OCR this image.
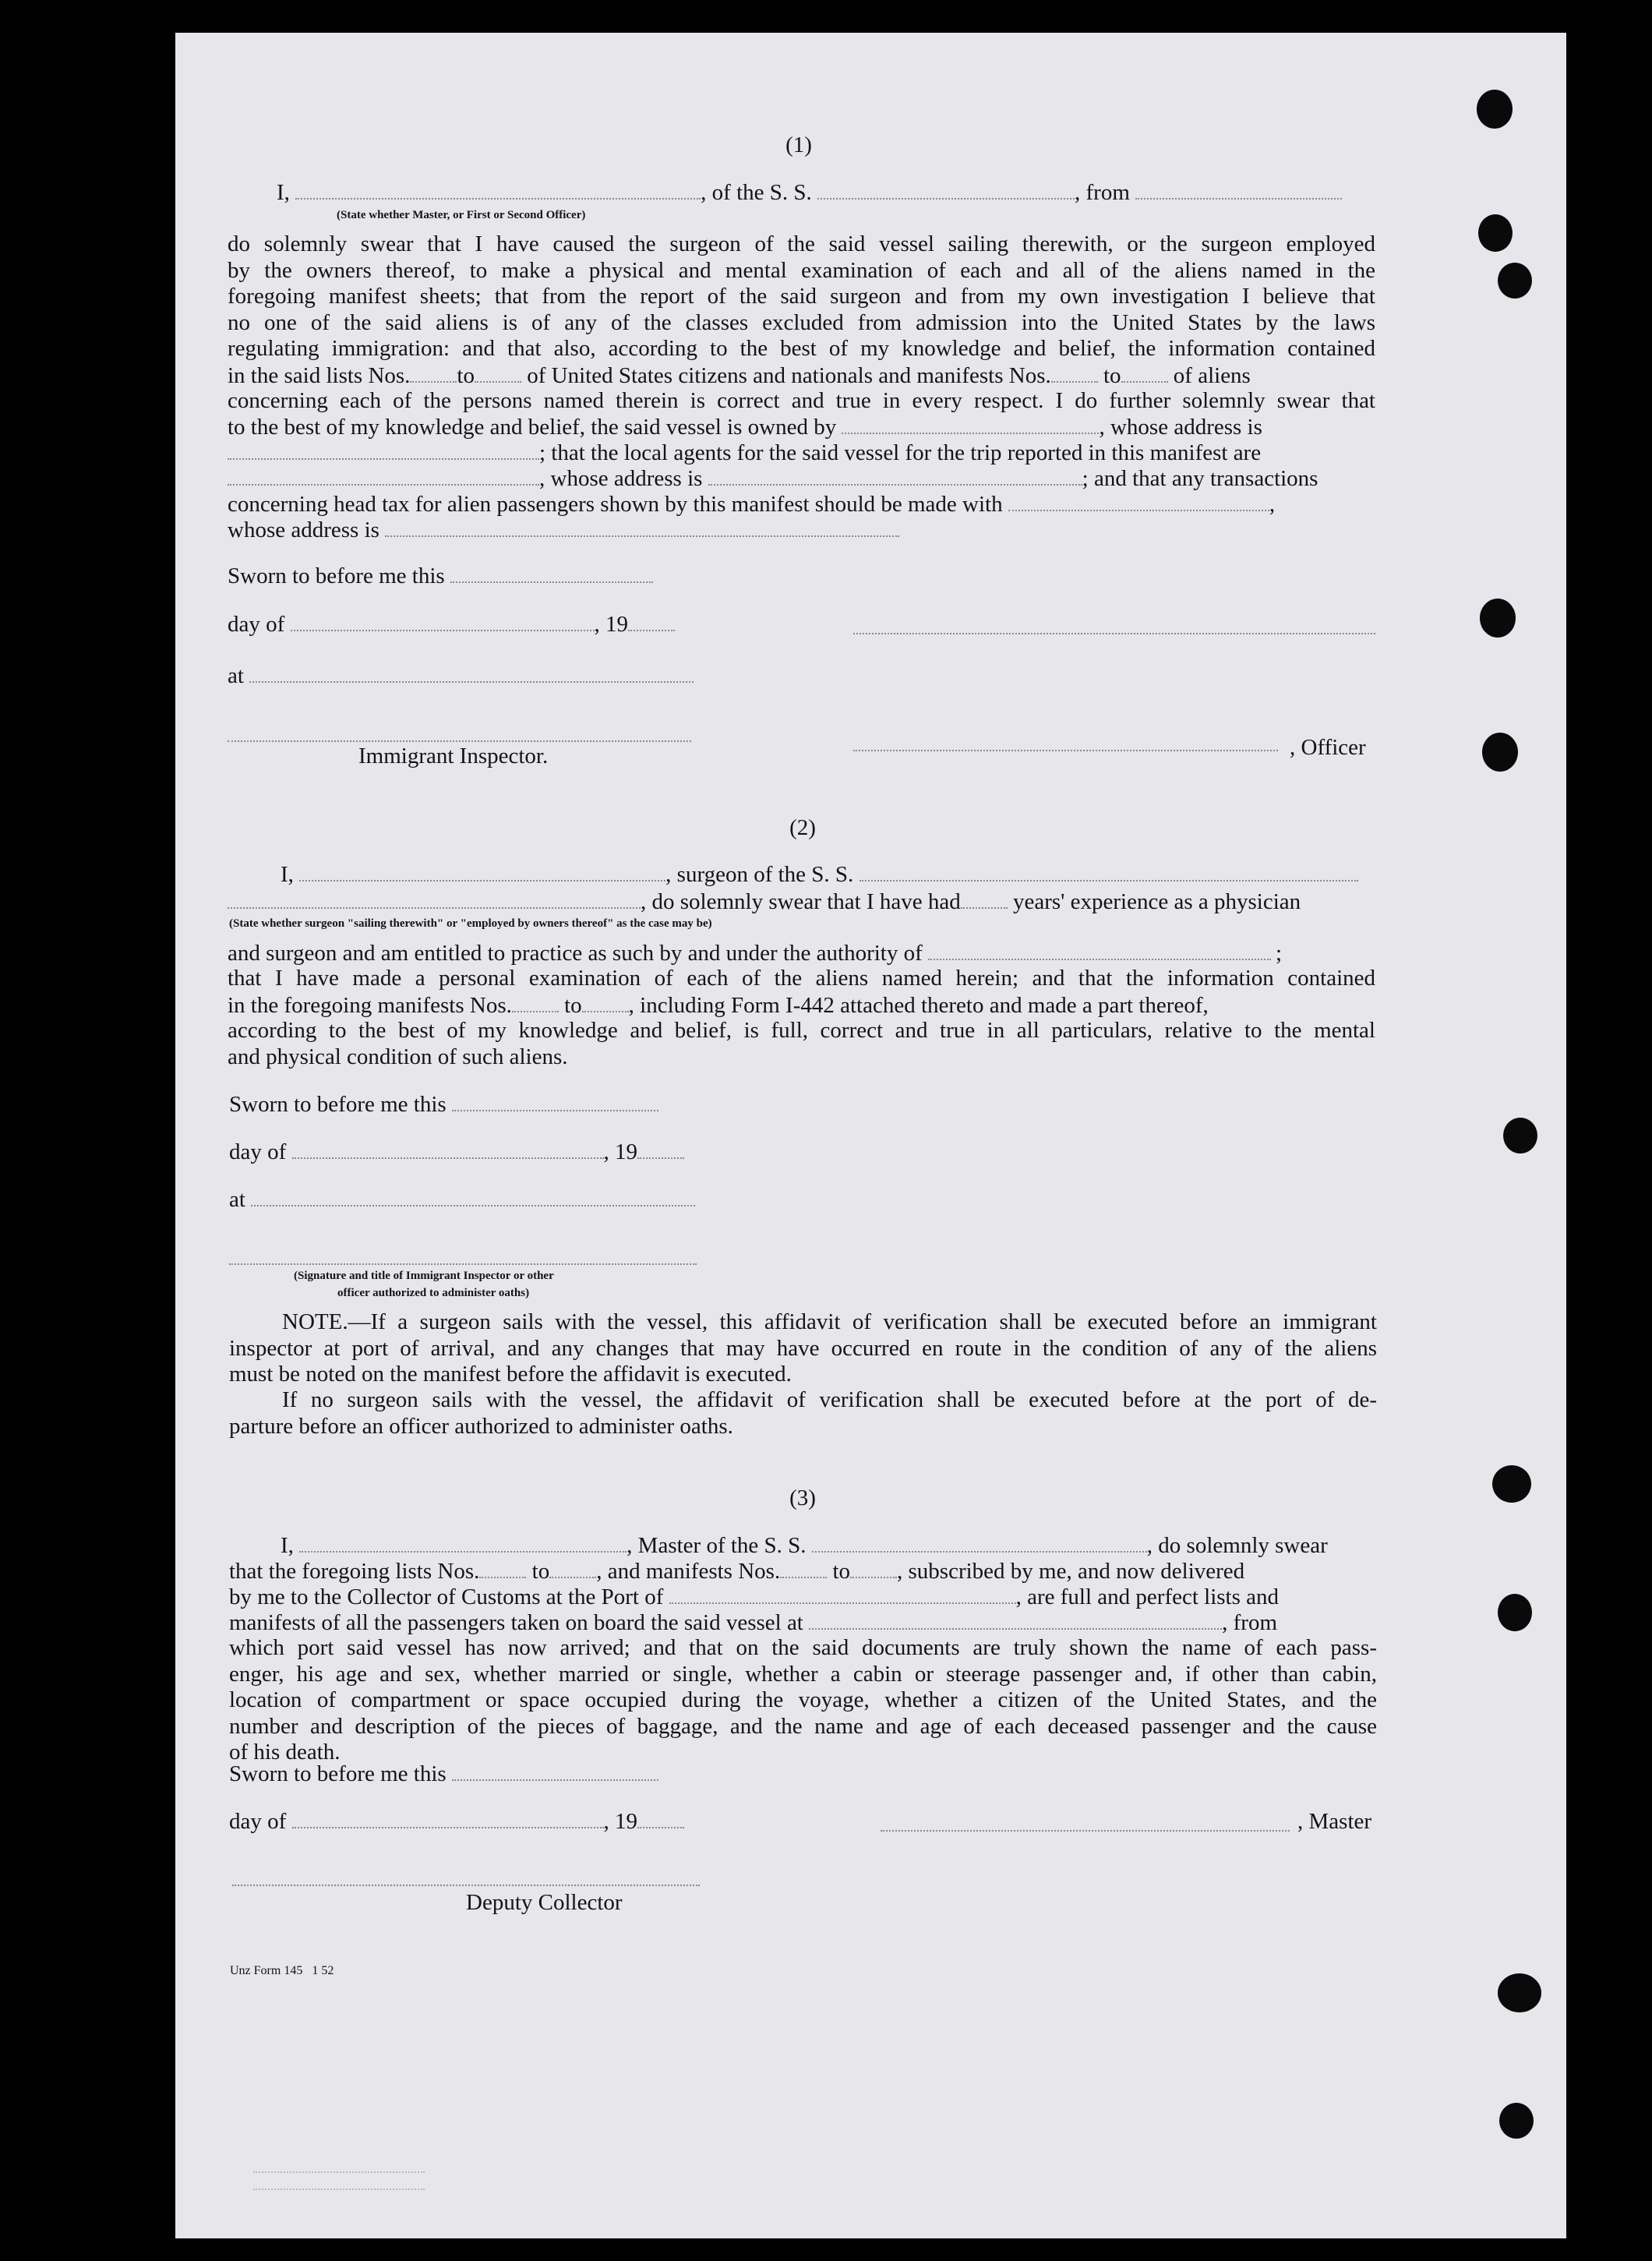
(1)
I,	, of the S. S.	, from
(State whether Master, or First or Second Officer)
do solemnly swear that I have caused the surgeon of the said vessel sailing therewith, or the surgeon employed
by the owners thereof, to make a physical and mental examination of each and all of the aliens named in the
foregoing manifest sheets; that from the report of the said surgeon and from my own investigation I believe that
no one of the said aliens is of any of the classes excluded from admission into the United States by the laws
regulating immigration: and that also, according to the best of my knowledge and belief, the information contained
in the said lists Nos. to of United States citizens and nationals and manifests Nos. to of aliens
concerning each of the persons named therein is correct and true in every respect. I do further solemnly swear that
to the best of my knowledge and belief, the said vessel is owned by	, whose address is
; that the local agents for the said vessel for the trip reported in this manifest are
, whose address is	; and that any transactions
concerning head tax for alien passengers shown by this manifest should be made with	,
whose address is
Sworn to before me this
day of	, 19
at
Immigrant Inspector.	, Officer
(2)
I,	, surgeon of the S. S.
, do solemnly swear that I have had years' experience as a physician
(State whether surgeon "sailing therewith" or "employed by owners thereof" as the case may be)
and surgeon and am entitled to practice as such by and under the authority of	;
that I have made a personal examination of each of the aliens named herein; and that the information contained
in the foregoing manifests Nos. to , including Form I-442 attached thereto and made a part thereof,
according to the best of my knowledge and belief, is full, correct and true in all particulars, relative to the mental
and physical condition of such aliens.
Sworn to before me this
day of	, 19
at
(Signature and title of Immigrant Inspector or other
officer authorized to administer oaths)
NOTE.—If a surgeon sails with the vessel, this affidavit of verification shall be executed before an immigrant
inspector at port of arrival, and any changes that may have occurred en route in the condition of any of the aliens
must be noted on the manifest before the affidavit is executed.
If no surgeon sails with the vessel, the affidavit of verification shall be executed before at the port of de-
parture before an officer authorized to administer oaths.
(3)
I,	, Master of the S. S.	, do solemnly swear
that the foregoing lists Nos. to , and manifests Nos. to , subscribed by me, and now delivered
by me to the Collector of Customs at the Port of	, are full and perfect lists and
manifests of all the passengers taken on board the said vessel at	, from
which port said vessel has now arrived; and that on the said documents are truly shown the name of each pass-
enger, his age and sex, whether married or single, whether a cabin or steerage passenger and, if other than cabin,
location of compartment or space occupied during the voyage, whether a citizen of the United States, and the
number and description of the pieces of baggage, and the name and age of each deceased passenger and the cause
of his death.
Sworn to before me this
day of	, 19	, Master
Deputy Collector
Unz Form 145   1 52
